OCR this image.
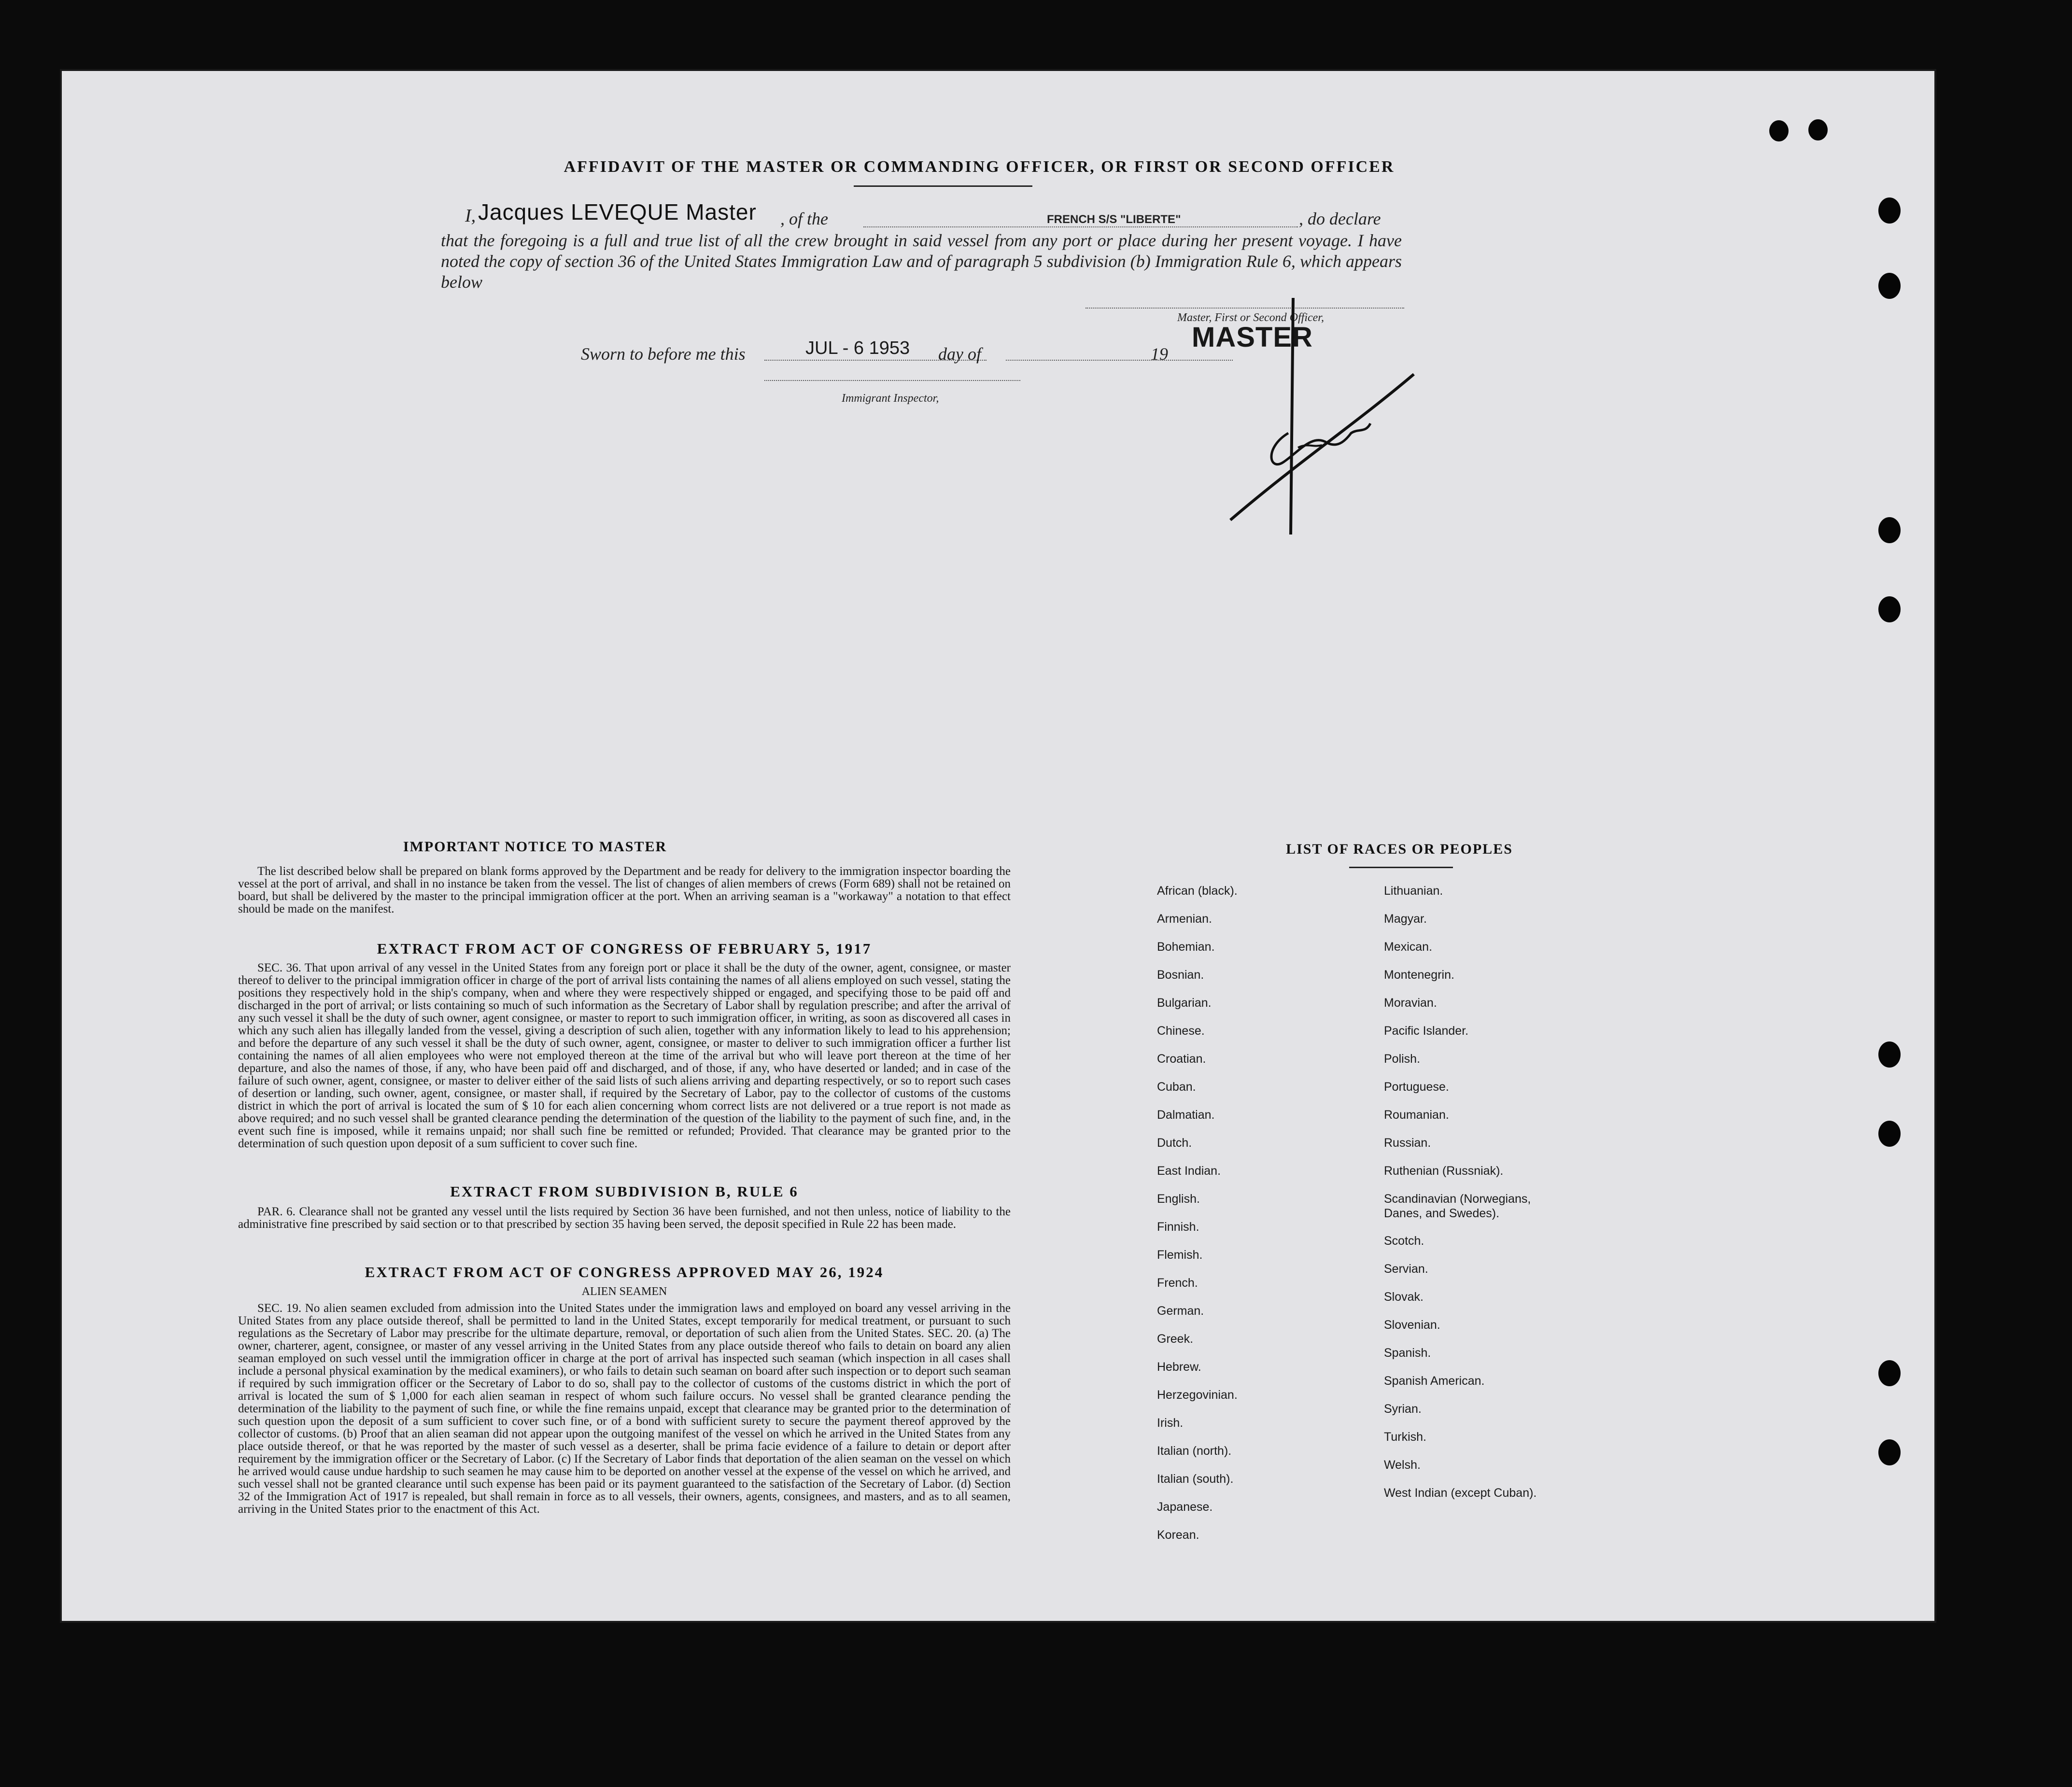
AFFIDAVIT OF THE MASTER OR COMMANDING OFFICER, OR FIRST OR SECOND OFFICER
I, Jacques LEVEQUE Master , of the	FRENCH S/S "LIBERTE"	, do declare
that the foregoing is a full and true list of all the crew brought in said vessel from any port or place during her present voyage. I have noted the copy of section 36 of the United States Immigration Law and of paragraph 5 subdivision (b) Immigration Rule 6, which appears below
Master, First or Second Officer,
MASTER
Sworn to before me this	JUL - 6 1953 day of	19
Immigrant Inspector,
IMPORTANT NOTICE TO MASTER
The list described below shall be prepared on blank forms approved by the Department and be ready for delivery to the immigration inspector boarding the vessel at the port of arrival, and shall in no instance be taken from the vessel. The list of changes of alien members of crews (Form 689) shall not be retained on board, but shall be delivered by the master to the principal immigration officer at the port. When an arriving seaman is a "workaway" a notation to that effect should be made on the manifest.
EXTRACT FROM ACT OF CONGRESS OF FEBRUARY 5, 1917
SEC. 36. That upon arrival of any vessel in the United States from any foreign port or place it shall be the duty of the owner, agent, consignee, or master thereof to deliver to the principal immigration officer in charge of the port of arrival lists containing the names of all aliens employed on such vessel, stating the positions they respectively hold in the ship's company, when and where they were respectively shipped or engaged, and specifying those to be paid off and discharged in the port of arrival; or lists containing so much of such information as the Secretary of Labor shall by regulation prescribe; and after the arrival of any such vessel it shall be the duty of such owner, agent consignee, or master to report to such immigration officer, in writing, as soon as discovered all cases in which any such alien has illegally landed from the vessel, giving a description of such alien, together with any information likely to lead to his apprehension; and before the departure of any such vessel it shall be the duty of such owner, agent, consignee, or master to deliver to such immigration officer a further list containing the names of all alien employees who were not employed thereon at the time of the arrival but who will leave port thereon at the time of her departure, and also the names of those, if any, who have been paid off and discharged, and of those, if any, who have deserted or landed; and in case of the failure of such owner, agent, consignee, or master to deliver either of the said lists of such aliens arriving and departing respectively, or so to report such cases of desertion or landing, such owner, agent, consignee, or master shall, if required by the Secretary of Labor, pay to the collector of customs of the customs district in which the port of arrival is located the sum of $ 10 for each alien concerning whom correct lists are not delivered or a true report is not made as above required; and no such vessel shall be granted clearance pending the determination of the question of the liability to the payment of such fine, and, in the event such fine is imposed, while it remains unpaid; nor shall such fine be remitted or refunded; Provided. That clearance may be granted prior to the determination of such question upon deposit of a sum sufficient to cover such fine.
EXTRACT FROM SUBDIVISION B, RULE 6
PAR. 6. Clearance shall not be granted any vessel until the lists required by Section 36 have been furnished, and not then unless, notice of liability to the administrative fine prescribed by said section or to that prescribed by section 35 having been served, the deposit specified in Rule 22 has been made.
EXTRACT FROM ACT OF CONGRESS APPROVED MAY 26, 1924
ALIEN SEAMEN
SEC. 19. No alien seamen excluded from admission into the United States under the immigration laws and employed on board any vessel arriving in the United States from any place outside thereof, shall be permitted to land in the United States, except temporarily for medical treatment, or pursuant to such regulations as the Secretary of Labor may prescribe for the ultimate departure, removal, or deportation of such alien from the United States. SEC. 20. (a) The owner, charterer, agent, consignee, or master of any vessel arriving in the United States from any place outside thereof who fails to detain on board any alien seaman employed on such vessel until the immigration officer in charge at the port of arrival has inspected such seaman (which inspection in all cases shall include a personal physical examination by the medical examiners), or who fails to detain such seaman on board after such inspection or to deport such seaman if required by such immigration officer or the Secretary of Labor to do so, shall pay to the collector of customs of the customs district in which the port of arrival is located the sum of $ 1,000 for each alien seaman in respect of whom such failure occurs. No vessel shall be granted clearance pending the determination of the liability to the payment of such fine, or while the fine remains unpaid, except that clearance may be granted prior to the determination of such question upon the deposit of a sum sufficient to cover such fine, or of a bond with sufficient surety to secure the payment thereof approved by the collector of customs. (b) Proof that an alien seaman did not appear upon the outgoing manifest of the vessel on which he arrived in the United States from any place outside thereof, or that he was reported by the master of such vessel as a deserter, shall be prima facie evidence of a failure to detain or deport after requirement by the immigration officer or the Secretary of Labor. (c) If the Secretary of Labor finds that deportation of the alien seaman on the vessel on which he arrived would cause undue hardship to such seamen he may cause him to be deported on another vessel at the expense of the vessel on which he arrived, and such vessel shall not be granted clearance until such expense has been paid or its payment guaranteed to the satisfaction of the Secretary of Labor. (d) Section 32 of the Immigration Act of 1917 is repealed, but shall remain in force as to all vessels, their owners, agents, consignees, and masters, and as to all seamen, arriving in the United States prior to the enactment of this Act.
LIST OF RACES OR PEOPLES
African (black).
Armenian.
Bohemian.
Bosnian.
Bulgarian.
Chinese.
Croatian.
Cuban.
Dalmatian.
Dutch.
East Indian.
English.
Finnish.
Flemish.
French.
German.
Greek.
Hebrew.
Herzegovinian.
Irish.
Italian (north).
Italian (south).
Japanese.
Korean.
Lithuanian.
Magyar.
Mexican.
Montenegrin.
Moravian.
Pacific Islander.
Polish.
Portuguese.
Roumanian.
Russian.
Ruthenian (Russniak).
Scandinavian (Norwegians, Danes, and Swedes).
Scotch.
Servian.
Slovak.
Slovenian.
Spanish.
Spanish American.
Syrian.
Turkish.
Welsh.
West Indian (except Cuban).
